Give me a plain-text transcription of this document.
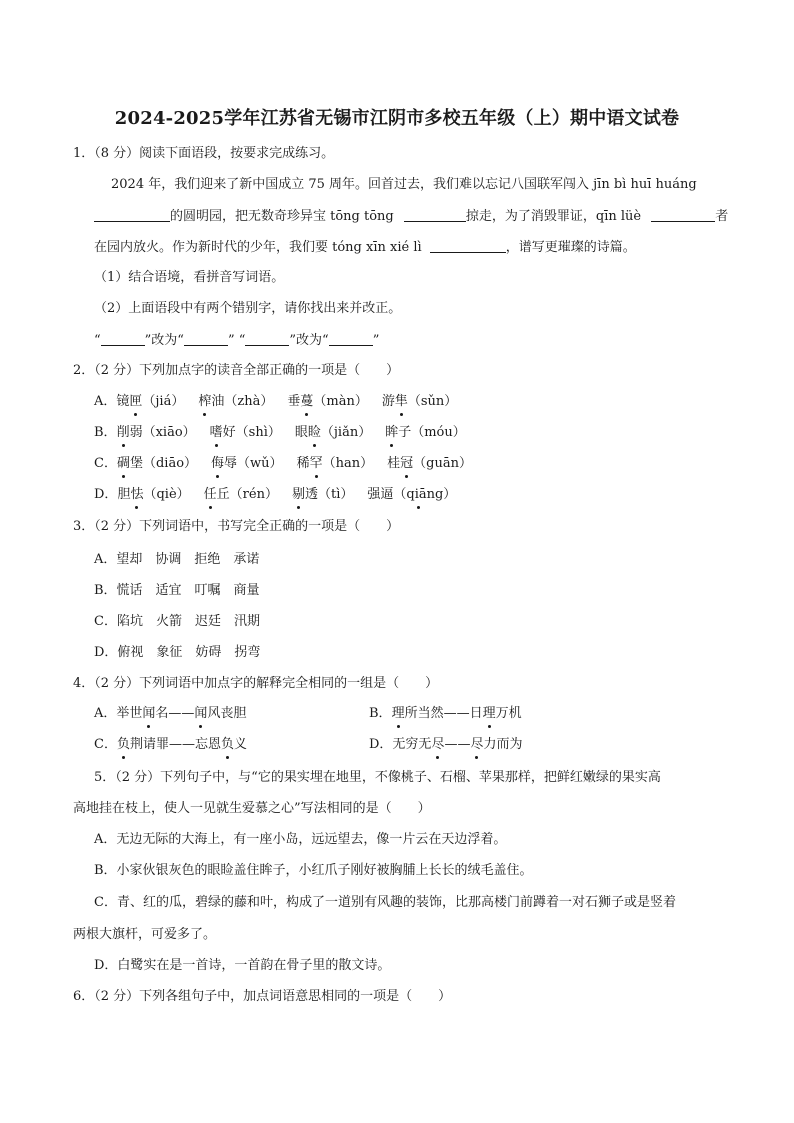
2024-2025学年江苏省无锡市江阴市多校五年级（上）期中语文试卷
1．（8 分）阅读下面语段，按要求完成练习。
2024 年，我们迎来了新中国成立 75 周年。回首过去，我们难以忘记八国联军闯入 jīn bì huī huáng
的圆明园，把无数奇珍异宝 tōng tōng	掠走，为了消毁罪证，qīn lüè	者
在园内放火。作为新时代的少年，我们要 tóng xīn xié lì	，谱写更璀璨的诗篇。
（1）结合语境，看拼音写词语。
（2）上面语段中有两个错别字，请你找出来并改正。
“	”改为“	” “	”改为“	”
2．（2 分）下列加点字的读音全部正确的一项是（　　）
A．镜匣（jiá） 榨油（zhà） 垂蔓（màn） 游隼（sǔn）
B．削弱（xiāo） 嗜好（shì） 眼睑（jiǎn） 眸子（móu）
C．碉堡（diāo） 侮辱（wǔ） 稀罕（han） 桂冠（guān）
D．胆怯（qiè） 任丘（rén） 剔透（tì） 强逼（qiāng）
3．（2 分）下列词语中，书写完全正确的一项是（　　）
A．望却　协调　拒绝　承诺
B．慌话　适宜　叮嘱　商量
C．陷坑　火箭　迟廷　汛期
D．俯视　象征　妨碍　拐弯
4．（2 分）下列词语中加点字的解释完全相同的一组是（　　）
A．举世闻名——闻风丧胆	B．理所当然——日理万机
C．负荆请罪——忘恩负义	D．无穷无尽——尽力而为
5．（2 分）下列句子中，与“它的果实埋在地里，不像桃子、石榴、苹果那样，把鲜红嫩绿的果实高
高地挂在枝上，使人一见就生爱慕之心”写法相同的是（　　）
A．无边无际的大海上，有一座小岛，远远望去，像一片云在天边浮着。
B．小家伙银灰色的眼睑盖住眸子，小红爪子刚好被胸脯上长长的绒毛盖住。
C．青、红的瓜，碧绿的藤和叶，构成了一道别有风趣的装饰，比那高楼门前蹲着一对石狮子或是竖着
两根大旗杆，可爱多了。
D．白鹭实在是一首诗，一首韵在骨子里的散文诗。
6．（2 分）下列各组句子中，加点词语意思相同的一项是（　　）
